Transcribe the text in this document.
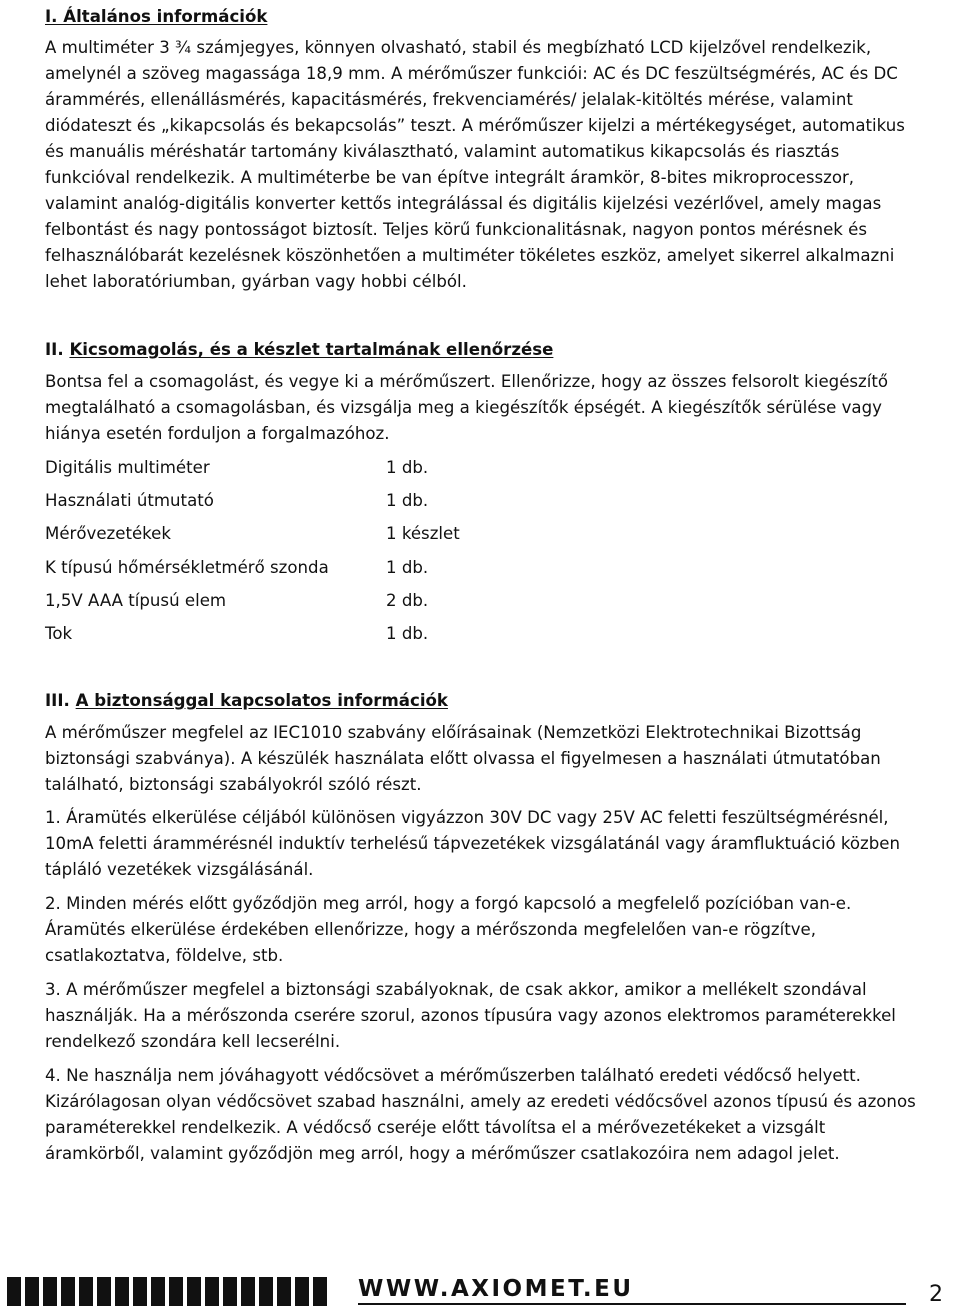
I. Általános információk
A multiméter 3 ¾ számjegyes, könnyen olvasható, stabil és megbízható LCD kijelzővel rendelkezik, amelynél a szöveg magassága 18,9 mm. A mérőműszer funkciói: AC és DC feszültségmérés, AC és DC árammérés, ellenállásmérés, kapacitásmérés, frekvenciamérés/ jelalak-kitöltés mérése, valamint diódateszt és „kikapcsolás és bekapcsolás” teszt. A mérőműszer kijelzi a mértékegységet, automatikus és manuális méréshatár tartomány kiválasztható, valamint automatikus kikapcsolás és riasztás funkcióval rendelkezik. A multiméterbe be van építve integrált áramkör, 8-bites mikroprocesszor, valamint analóg-digitális konverter kettős integrálással és digitális kijelzési vezérlővel, amely magas felbontást és nagy pontosságot biztosít. Teljes körű funkcionalitásnak, nagyon pontos mérésnek és felhasználóbarát kezelésnek köszönhetően a multiméter tökéletes eszköz, amelyet sikerrel alkalmazni lehet laboratóriumban, gyárban vagy hobbi célból.
II. Kicsomagolás, és a készlet tartalmának ellenőrzése
Bontsa fel a csomagolást, és vegye ki a mérőműszert. Ellenőrizze, hogy az összes felsorolt kiegészítő megtalálható a csomagolásban, és vizsgálja meg a kiegészítők épségét. A kiegészítők sérülése vagy hiánya esetén forduljon a forgalmazóhoz.
Digitális multiméter	1 db.
Használati útmutató	1 db.
Mérővezetékek	1 készlet
K típusú hőmérsékletmérő szonda	1 db.
1,5V AAA típusú elem	2 db.
Tok	1 db.
III. A biztonsággal kapcsolatos információk
A mérőműszer megfelel az IEC1010 szabvány előírásainak (Nemzetközi Elektrotechnikai Bizottság biztonsági szabványa). A készülék használata előtt olvassa el figyelmesen a használati útmutatóban található, biztonsági szabályokról szóló részt.
1. Áramütés elkerülése céljából különösen vigyázzon 30V DC vagy 25V AC feletti feszültségmérésnél, 10mA feletti árammérésnél induktív terhelésű tápvezetékek vizsgálatánál vagy áramfluktuáció közben tápláló vezetékek vizsgálásánál.
2. Minden mérés előtt győződjön meg arról, hogy a forgó kapcsoló a megfelelő pozícióban van-e. Áramütés elkerülése érdekében ellenőrizze, hogy a mérőszonda megfelelően van-e rögzítve, csatlakoztatva, földelve, stb.
3. A mérőműszer megfelel a biztonsági szabályoknak, de csak akkor, amikor a mellékelt szondával használják. Ha a mérőszonda cserére szorul, azonos típusúra vagy azonos elektromos paraméterekkel rendelkező szondára kell lecserélni.
4. Ne használja nem jóváhagyott védőcsövet a mérőműszerben található eredeti védőcső helyett. Kizárólagosan olyan védőcsövet szabad használni, amely az eredeti védőcsővel azonos típusú és azonos paraméterekkel rendelkezik. A védőcső cseréje előtt távolítsa el a mérővezetékeket a vizsgált áramkörből, valamint győződjön meg arról, hogy a mérőműszer csatlakozóira nem adagol jelet.
WWW.AXIOMET.EU	2
